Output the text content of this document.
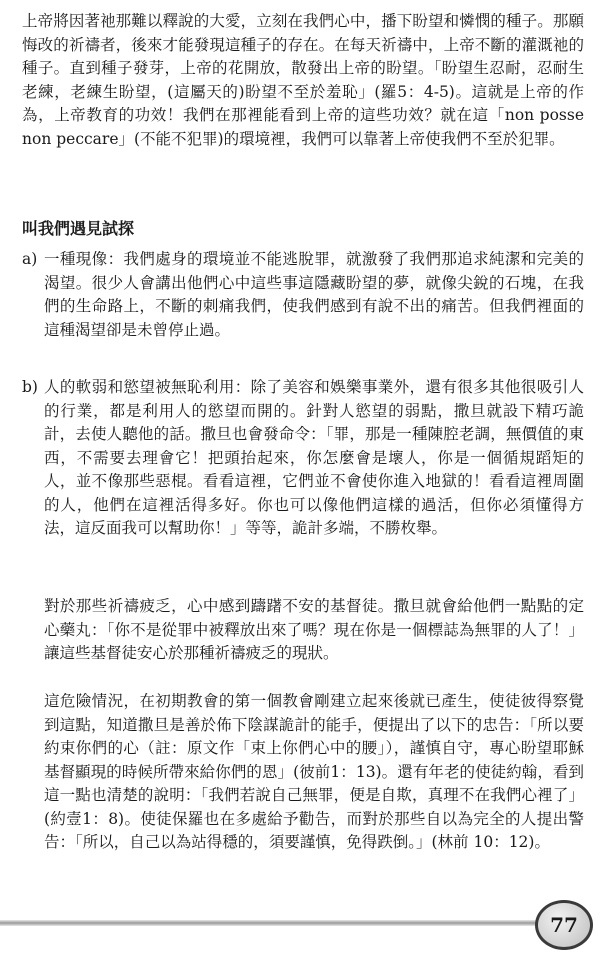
上帝將因著祂那難以釋說的大愛，立刻在我們心中，播下盼望和憐憫的種子。那願悔改的祈禱者，後來才能發現這種子的存在。在每天祈禱中，上帝不斷的灌溉祂的種子。直到種子發芽，上帝的花開放，散發出上帝的盼望。「盼望生忍耐，忍耐生老練，老練生盼望，(這屬天的)盼望不至於羞恥」(羅5：4-5)。這就是上帝的作為，上帝教育的功效！我們在那裡能看到上帝的這些功效？就在這「non posse non peccare」(不能不犯罪)的環境裡，我們可以靠著上帝使我們不至於犯罪。

叫我們遇見試探
a) 一種現像：我們處身的環境並不能逃脫罪，就激發了我們那追求純潔和完美的渴望。很少人會講出他們心中這些事這隱藏盼望的夢，就像尖銳的石塊，在我們的生命路上，不斷的刺痛我們，使我們感到有說不出的痛苦。但我們裡面的這種渴望卻是未曾停止過。
b) 人的軟弱和慾望被無恥利用：除了美容和娛樂事業外，還有很多其他很吸引人的行業，都是利用人的慾望而開的。針對人慾望的弱點，撒旦就設下精巧詭計，去使人聽他的話。撒旦也會發命令：「罪，那是一種陳腔老調，無價值的東西，不需要去理會它！把頭抬起來，你怎麼會是壞人，你是一個循規蹈矩的人，並不像那些惡棍。看看這裡，它們並不會使你進入地獄的！看看這裡周圍的人，他們在這裡活得多好。你也可以像他們這樣的過活，但你必須懂得方法，這反面我可以幫助你！」等等，詭計多端，不勝枚舉。

對於那些祈禱疲乏，心中感到躊躇不安的基督徒。撒旦就會給他們一點點的定心藥丸：「你不是從罪中被釋放出來了嗎？現在你是一個標誌為無罪的人了！」讓這些基督徒安心於那種祈禱疲乏的現狀。

這危險情況，在初期教會的第一個教會剛建立起來後就已產生，使徒彼得察覺到這點，知道撒旦是善於佈下陰謀詭計的能手，便提出了以下的忠告：「所以要約束你們的心（註：原文作「束上你們心中的腰」），謹慎自守，專心盼望耶穌基督顯現的時候所帶來給你們的恩」(彼前1：13)。還有年老的使徒約翰，看到這一點也清楚的說明：「我們若說自己無罪，便是自欺，真理不在我們心裡了」(約壹1：8)。使徒保羅也在多處給予勸告，而對於那些自以為完全的人提出警告：「所以，自己以為站得穩的，須要謹慎，免得跌倒。」(林前 10：12)。

77
